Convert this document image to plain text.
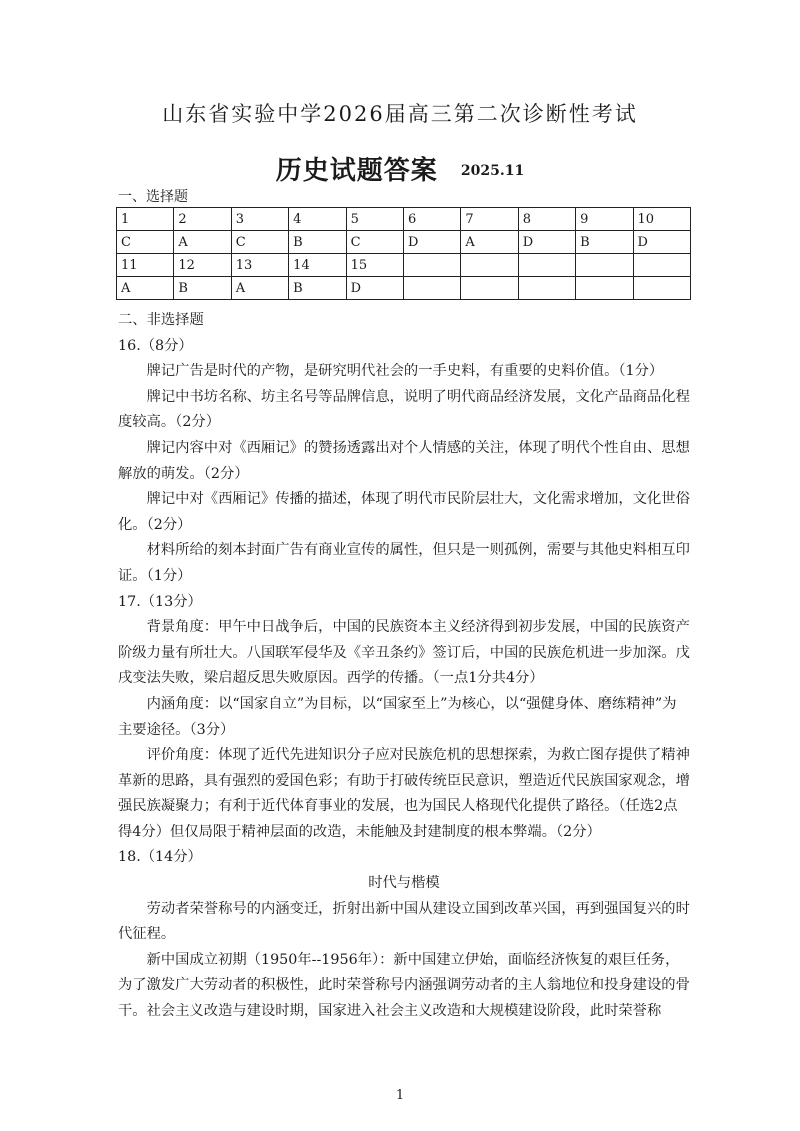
山东省实验中学2026届高三第二次诊断性考试
历史试题答案 2025.11
一、选择题
1	2	3	4	5	6	7	8	9	10
C	A	C	B	C	D	A	D	B	D
11	12	13	14	15					
A	B	A	B	D					

二、非选择题

16.（8分）

牌记广告是时代的产物，是研究明代社会的一手史料，有重要的史料价值。（1分）

牌记中书坊名称、坊主名号等品牌信息，说明了明代商品经济发展，文化产品商品化程度较高。（2分）

牌记内容中对《西厢记》的赞扬透露出对个人情感的关注，体现了明代个性自由、思想解放的萌发。（2分）

牌记中对《西厢记》传播的描述，体现了明代市民阶层壮大，文化需求增加，文化世俗化。（2分）

材料所给的刻本封面广告有商业宣传的属性，但只是一则孤例，需要与其他史料相互印证。（1分）

17.（13分）

背景角度：甲午中日战争后，中国的民族资本主义经济得到初步发展，中国的民族资产阶级力量有所壮大。八国联军侵华及《辛丑条约》签订后，中国的民族危机进一步加深。戊戌变法失败，梁启超反思失败原因。西学的传播。（一点1分共4分）

内涵角度：以“国家自立”为目标，以“国家至上”为核心，以“强健身体、磨练精神”为主要途径。（3分）

评价角度：体现了近代先进知识分子应对民族危机的思想探索，为救亡图存提供了精神革新的思路，具有强烈的爱国色彩；有助于打破传统臣民意识，塑造近代民族国家观念，增强民族凝聚力；有利于近代体育事业的发展，也为国民人格现代化提供了路径。（任选2点得4分）但仅局限于精神层面的改造，未能触及封建制度的根本弊端。（2分）

18.（14分）

时代与楷模

劳动者荣誉称号的内涵变迁，折射出新中国从建设立国到改革兴国，再到强国复兴的时代征程。

新中国成立初期（1950年--1956年）：新中国建立伊始，面临经济恢复的艰巨任务，为了激发广大劳动者的积极性，此时荣誉称号内涵强调劳动者的主人翁地位和投身建设的骨干。社会主义改造与建设时期，国家进入社会主义改造和大规模建设阶段，此时荣誉称

1
